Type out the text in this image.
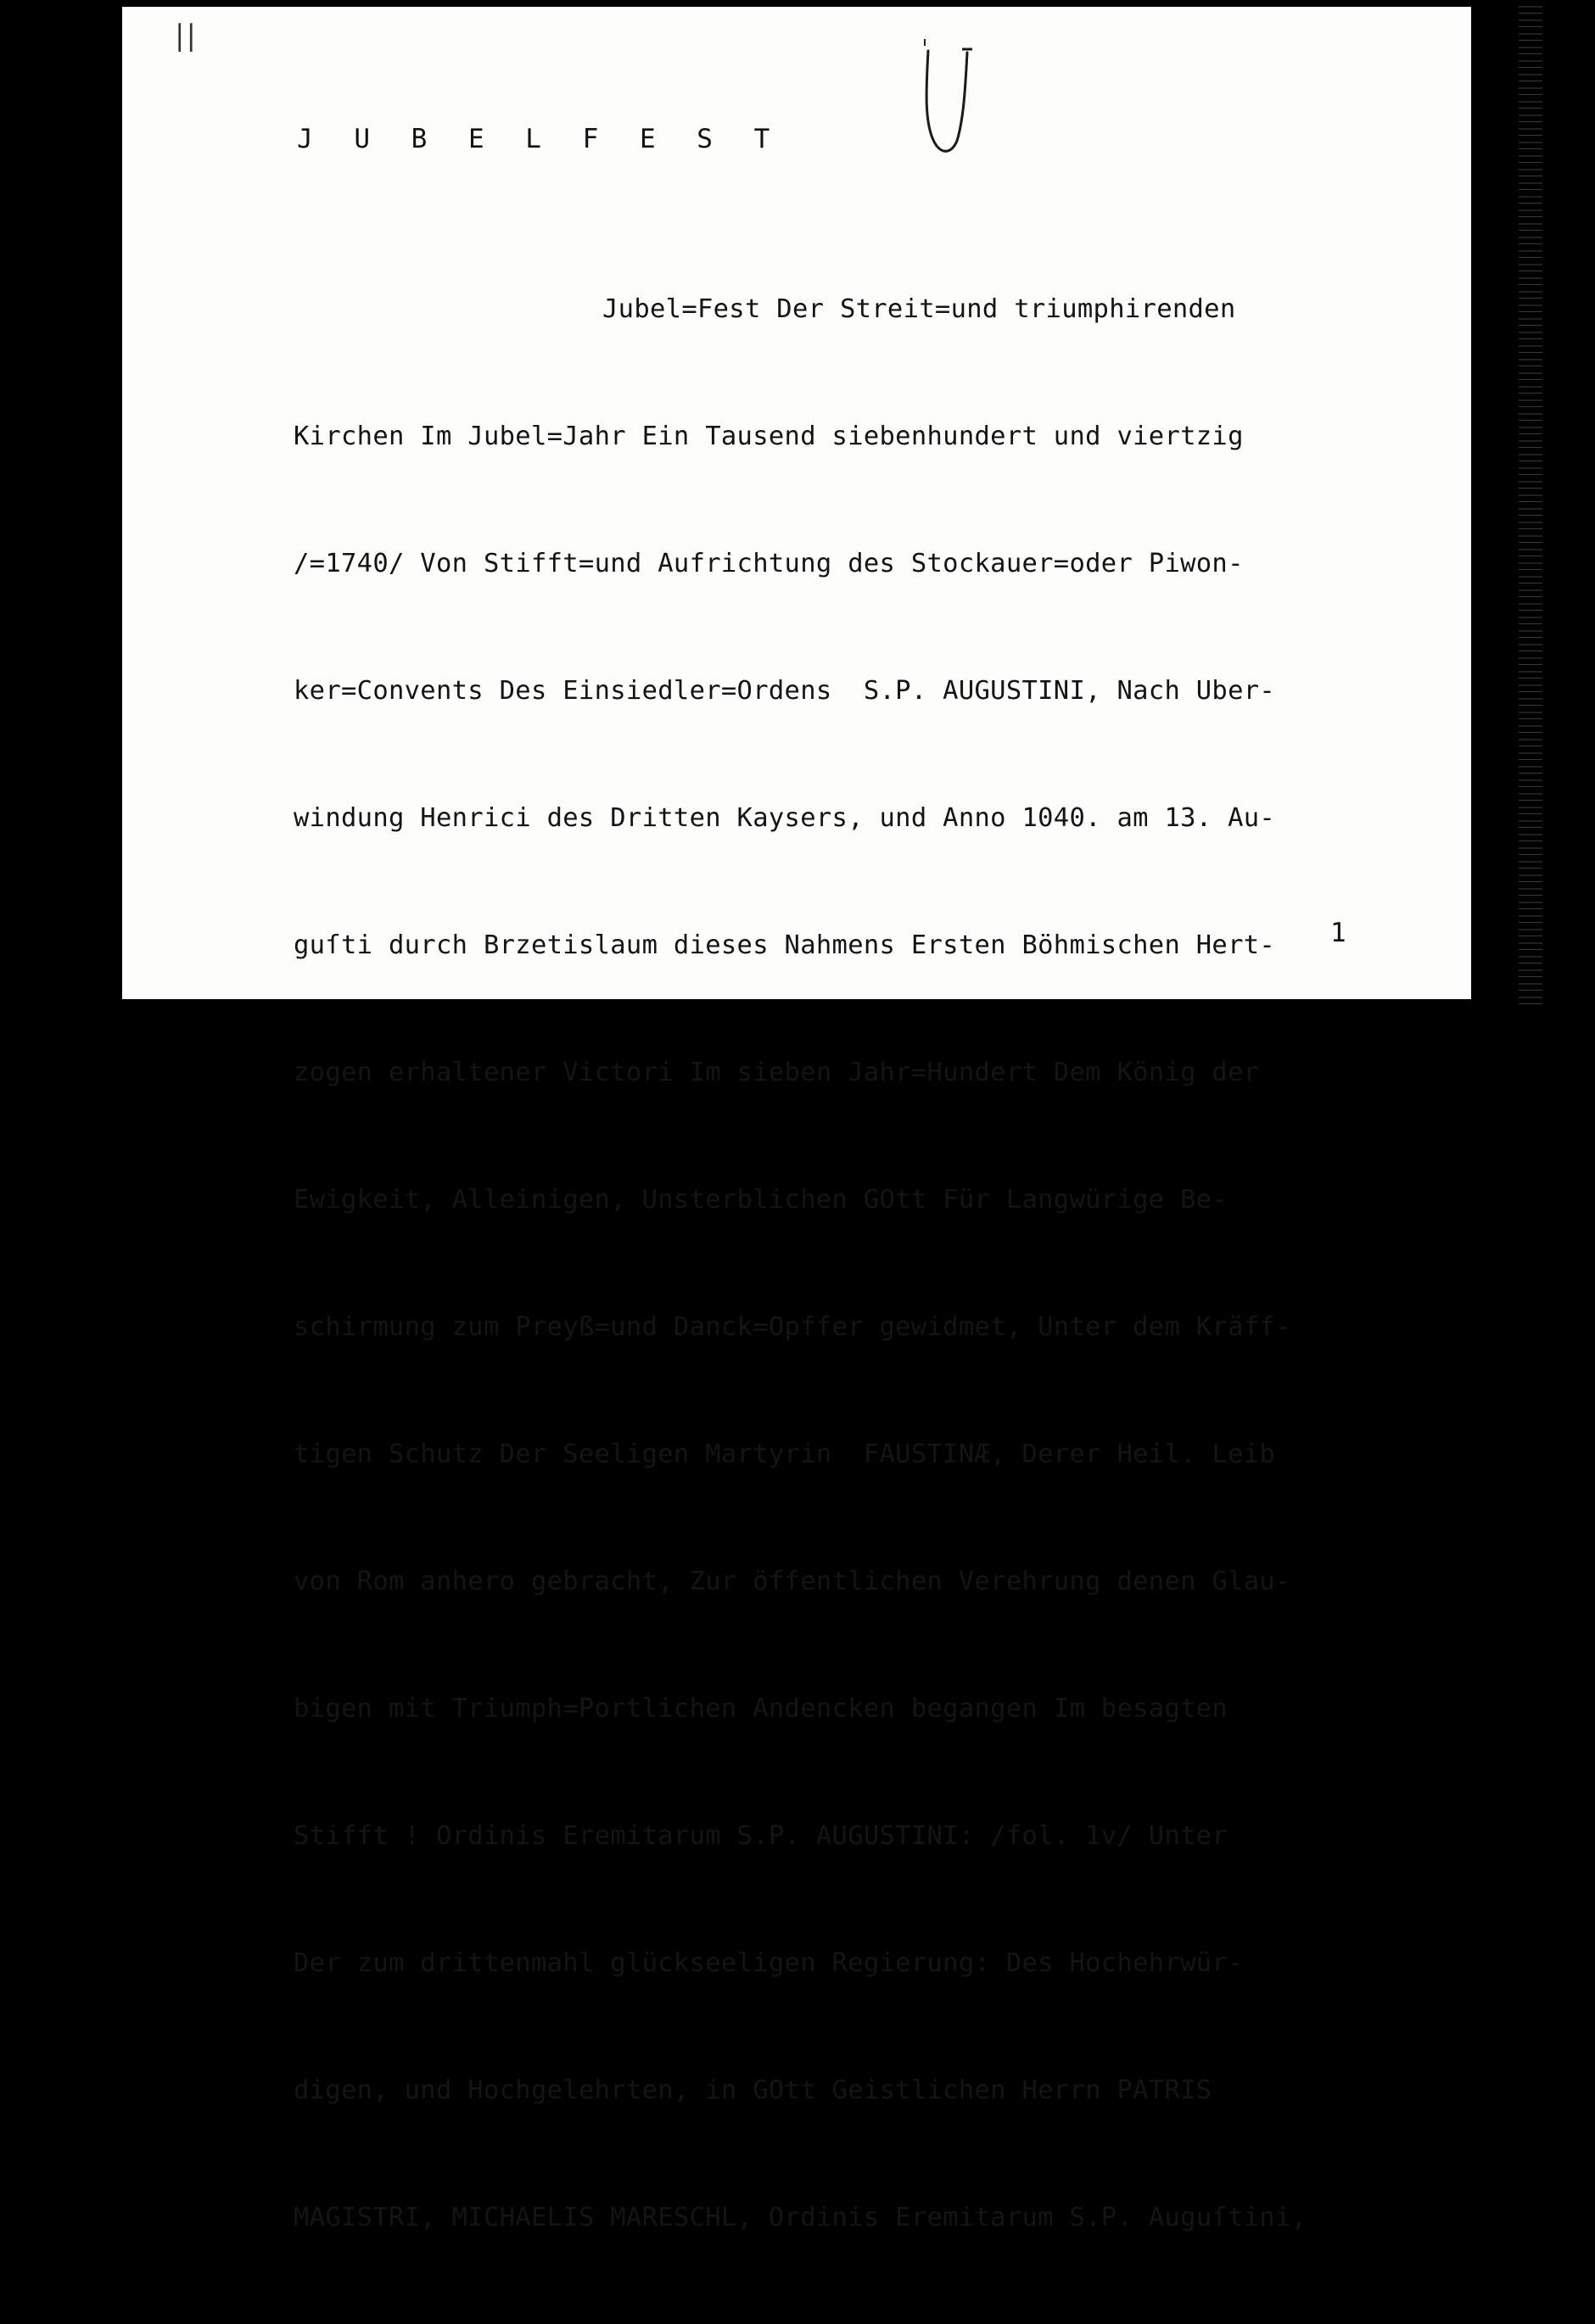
||
J U B E L F E S T

Jubel=Fest Der Streit=und triumphirenden

Kirchen Im Jubel=Jahr Ein Tausend siebenhundert und viertzig

/=1740/ Von Stifft=und Aufrichtung des Stockauer=oder Piwon-

ker=Convents Des Einsiedler=Ordens  S.P. AUGUSTINI, Nach Uber-

windung Henrici des Dritten Kaysers, und Anno 1040. am 13. Au-

guſti durch Brzetislaum dieses Nahmens Ersten Böhmischen Hert-

zogen erhaltener Victori Im sieben Jahr=Hundert Dem König der

Ewigkeit, Alleinigen, Unsterblichen GOtt Für Langwürige Be-

schirmung zum Preyß=und Danck=Opffer gewidmet, Unter dem Kräff-

tigen Schutz Der Seeligen Martyrin  FAUSTINÆ, Derer Heil. Leib

von Rom anhero gebracht, Zur öffentlichen Verehrung denen Glau-

bigen mit Triumph=Portlichen Andencken begangen Im besagten

Stifft ! Ordinis Eremitarum S.P. AUGUSTINI: /fol. 1v/ Unter

Der zum drittenmahl glückseeligen Regierung: Des Hochehrwür-

digen, und Hochgelehrten, in GOtt Geistlichen Herrn PATRIS

MAGISTRI, MICHAELIS MARESCHL, Ordinis Eremitarum S.P. Auguſtini,

1
